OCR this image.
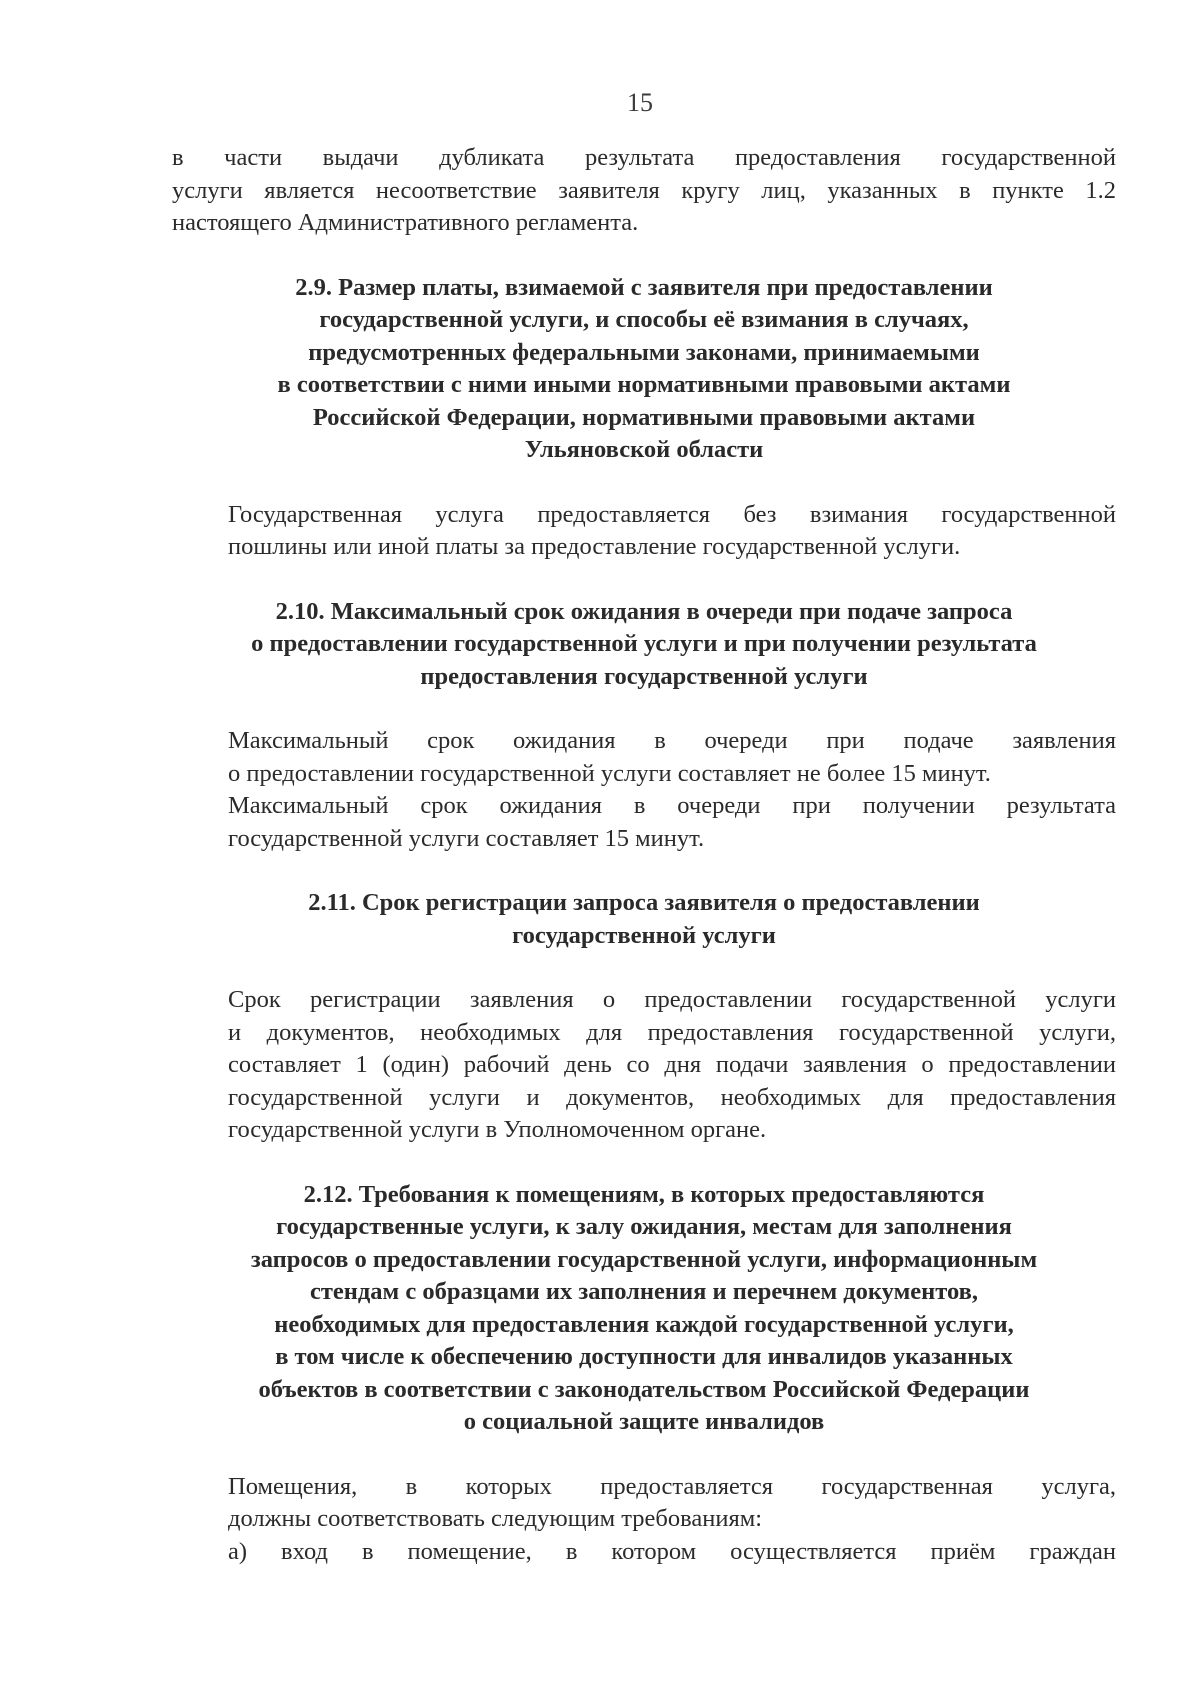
15
в части выдачи дубликата результата предоставления государственной
услуги является несоответствие заявителя кругу лиц, указанных в пункте 1.2
настоящего Административного регламента.
2.9. Размер платы, взимаемой с заявителя при предоставлении
государственной услуги, и способы её взимания в случаях,
предусмотренных федеральными законами, принимаемыми
в соответствии с ними иными нормативными правовыми актами
Российской Федерации, нормативными правовыми актами
Ульяновской области
Государственная услуга предоставляется без взимания государственной
пошлины или иной платы за предоставление государственной услуги.
2.10. Максимальный срок ожидания в очереди при подаче запроса
о предоставлении государственной услуги и при получении результата
предоставления государственной услуги
Максимальный срок ожидания в очереди при подаче заявления
о предоставлении государственной услуги составляет не более 15 минут.
Максимальный срок ожидания в очереди при получении результата
государственной услуги составляет 15 минут.
2.11. Срок регистрации запроса заявителя о предоставлении
государственной услуги
Срок регистрации заявления о предоставлении государственной услуги
и документов, необходимых для предоставления государственной услуги,
составляет 1 (один) рабочий день со дня подачи заявления о предоставлении
государственной услуги и документов, необходимых для предоставления
государственной услуги в Уполномоченном органе.
2.12. Требования к помещениям, в которых предоставляются
государственные услуги, к залу ожидания, местам для заполнения
запросов о предоставлении государственной услуги, информационным
стендам с образцами их заполнения и перечнем документов,
необходимых для предоставления каждой государственной услуги,
в том числе к обеспечению доступности для инвалидов указанных
объектов в соответствии с законодательством Российской Федерации
о социальной защите инвалидов
Помещения, в которых предоставляется государственная услуга,
должны соответствовать следующим требованиям:
а) вход в помещение, в котором осуществляется приём граждан
